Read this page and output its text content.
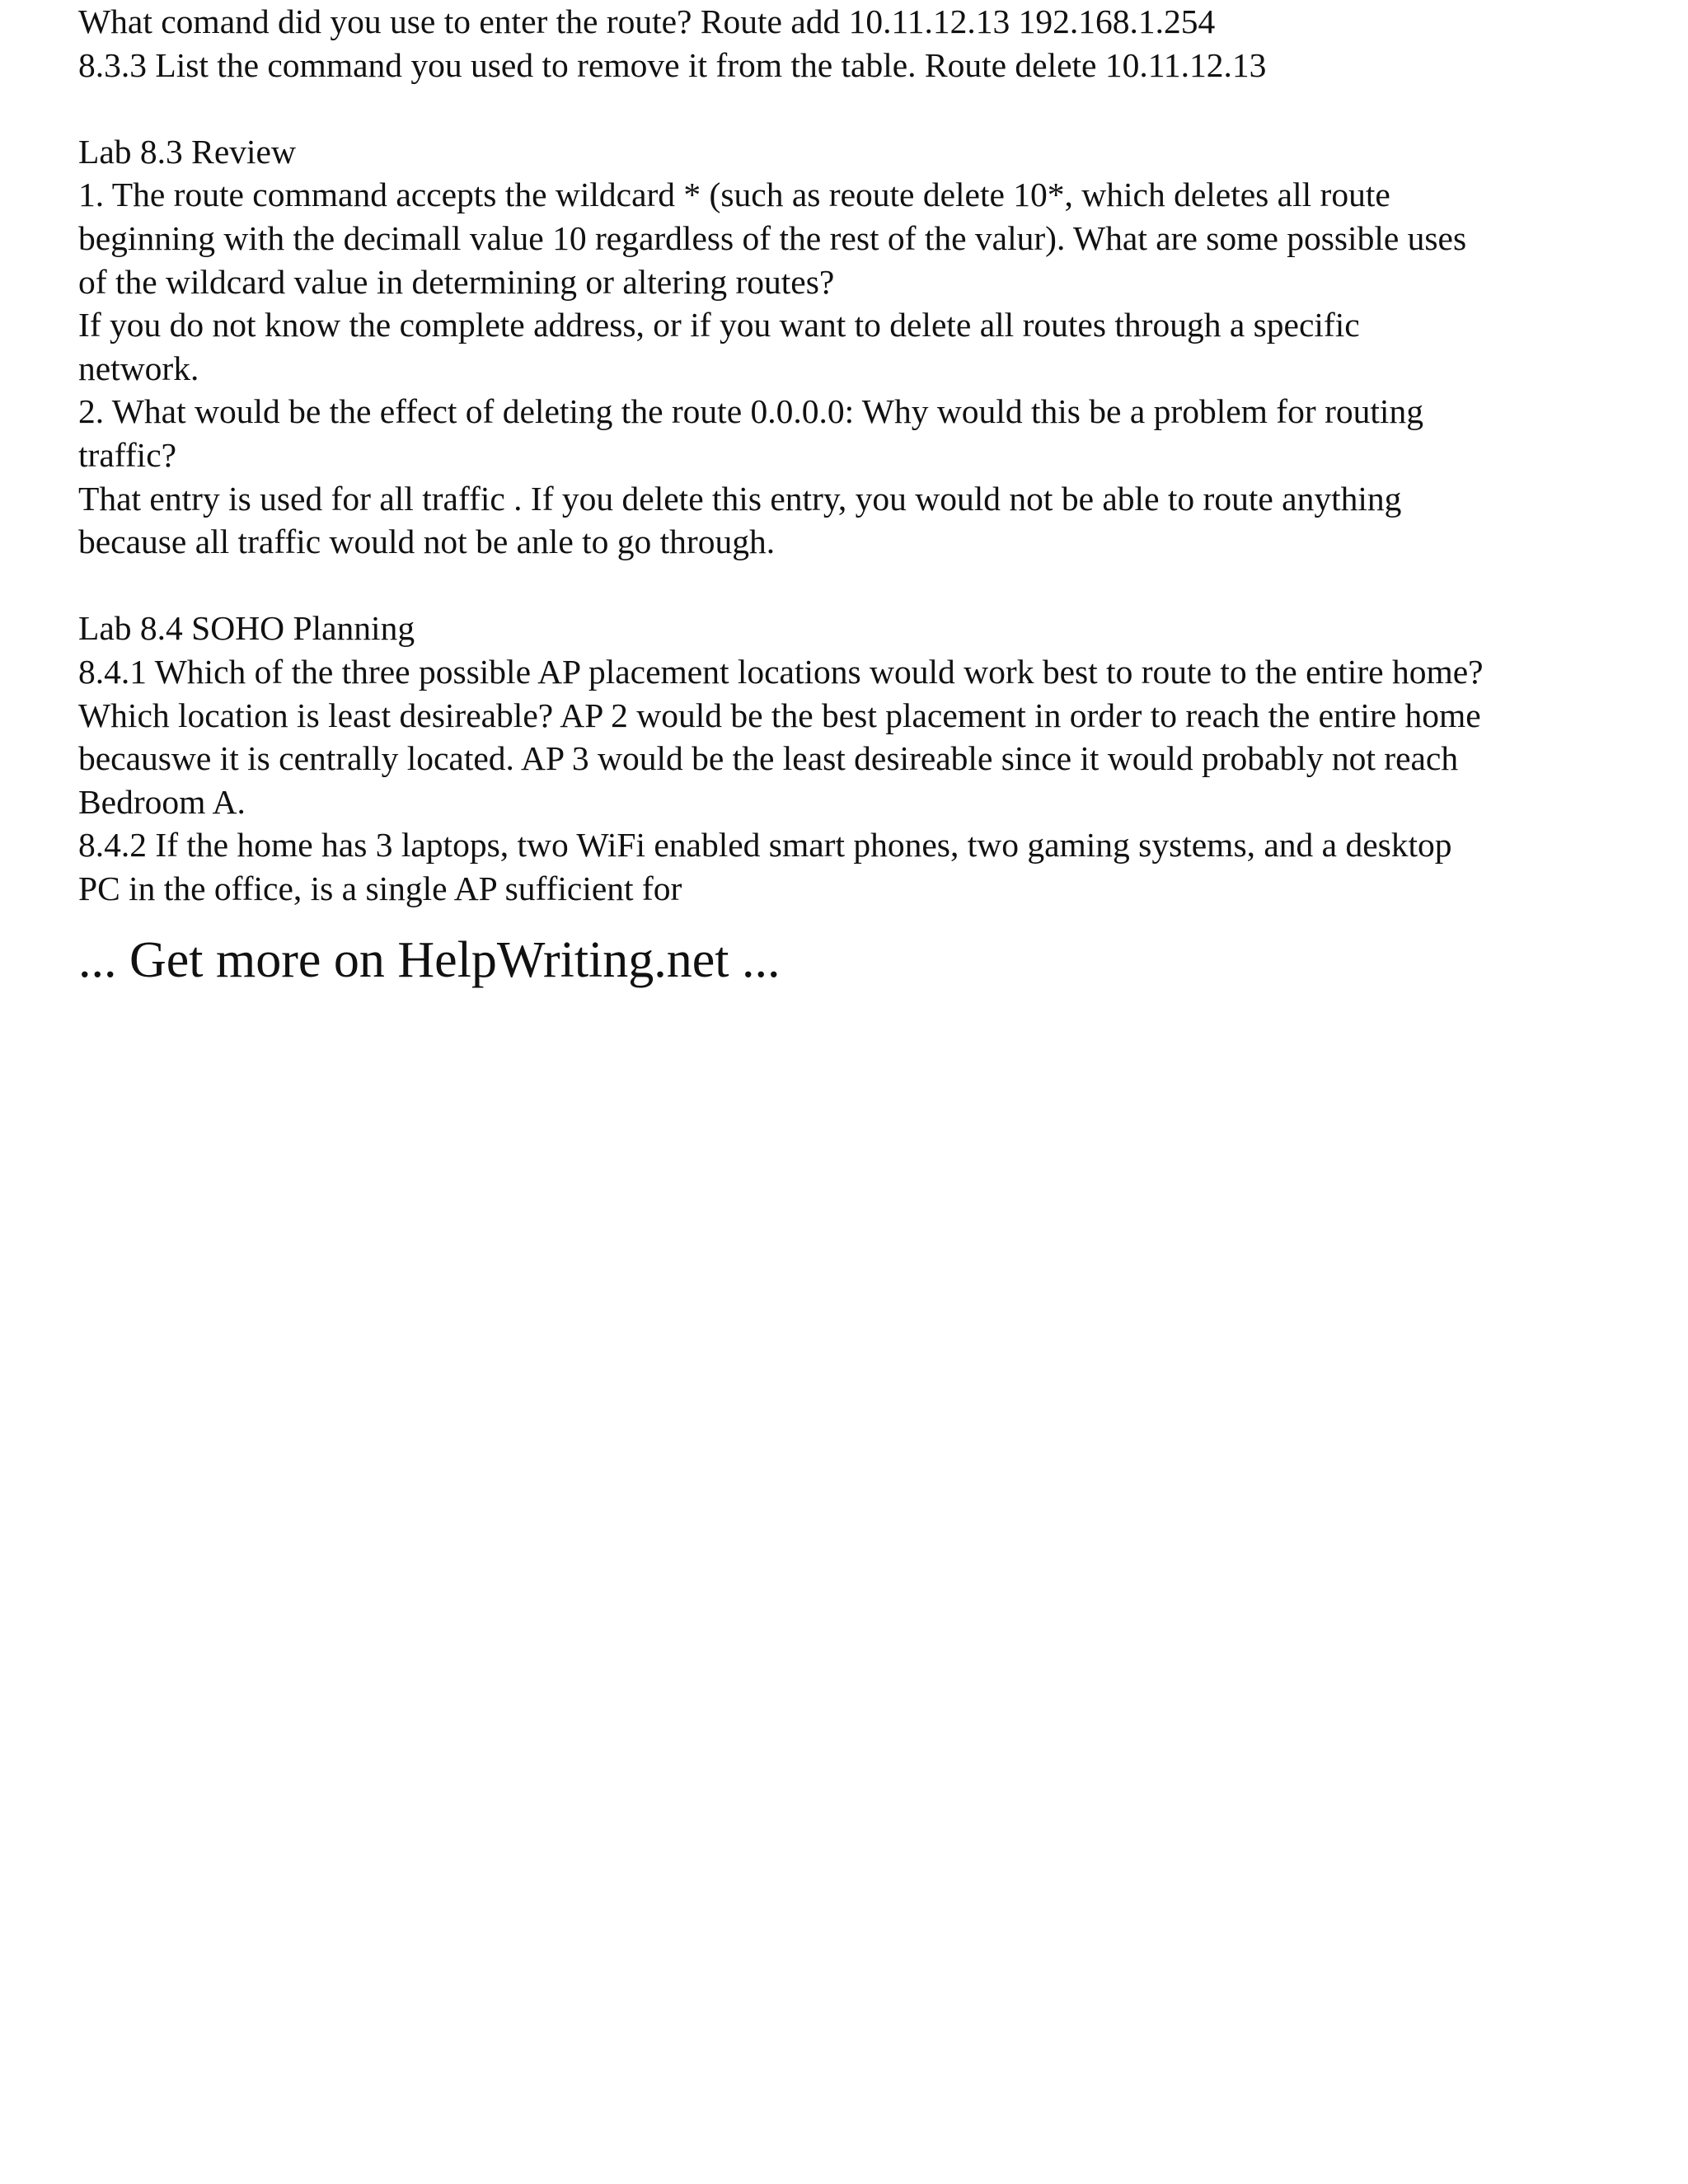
What comand did you use to enter the route? Route add 10.11.12.13 192.168.1.254
8.3.3 List the command you used to remove it from the table. Route delete 10.11.12.13
Lab 8.3 Review
1. The route command accepts the wildcard * (such as reoute delete 10*, which deletes all route
beginning with the decimall value 10 regardless of the rest of the valur). What are some possible uses
of the wildcard value in determining or altering routes?
If you do not know the complete address, or if you want to delete all routes through a specific
network.
2. What would be the effect of deleting the route 0.0.0.0: Why would this be a problem for routing
traffic?
That entry is used for all traffic . If you delete this entry, you would not be able to route anything
because all traffic would not be anle to go through.
Lab 8.4 SOHO Planning
8.4.1 Which of the three possible AP placement locations would work best to route to the entire home?
Which location is least desireable? AP 2 would be the best placement in order to reach the entire home
becauswe it is centrally located. AP 3 would be the least desireable since it would probably not reach
Bedroom A.
8.4.2 If the home has 3 laptops, two WiFi enabled smart phones, two gaming systems, and a desktop
PC in the office, is a single AP sufficient for
... Get more on HelpWriting.net ...
